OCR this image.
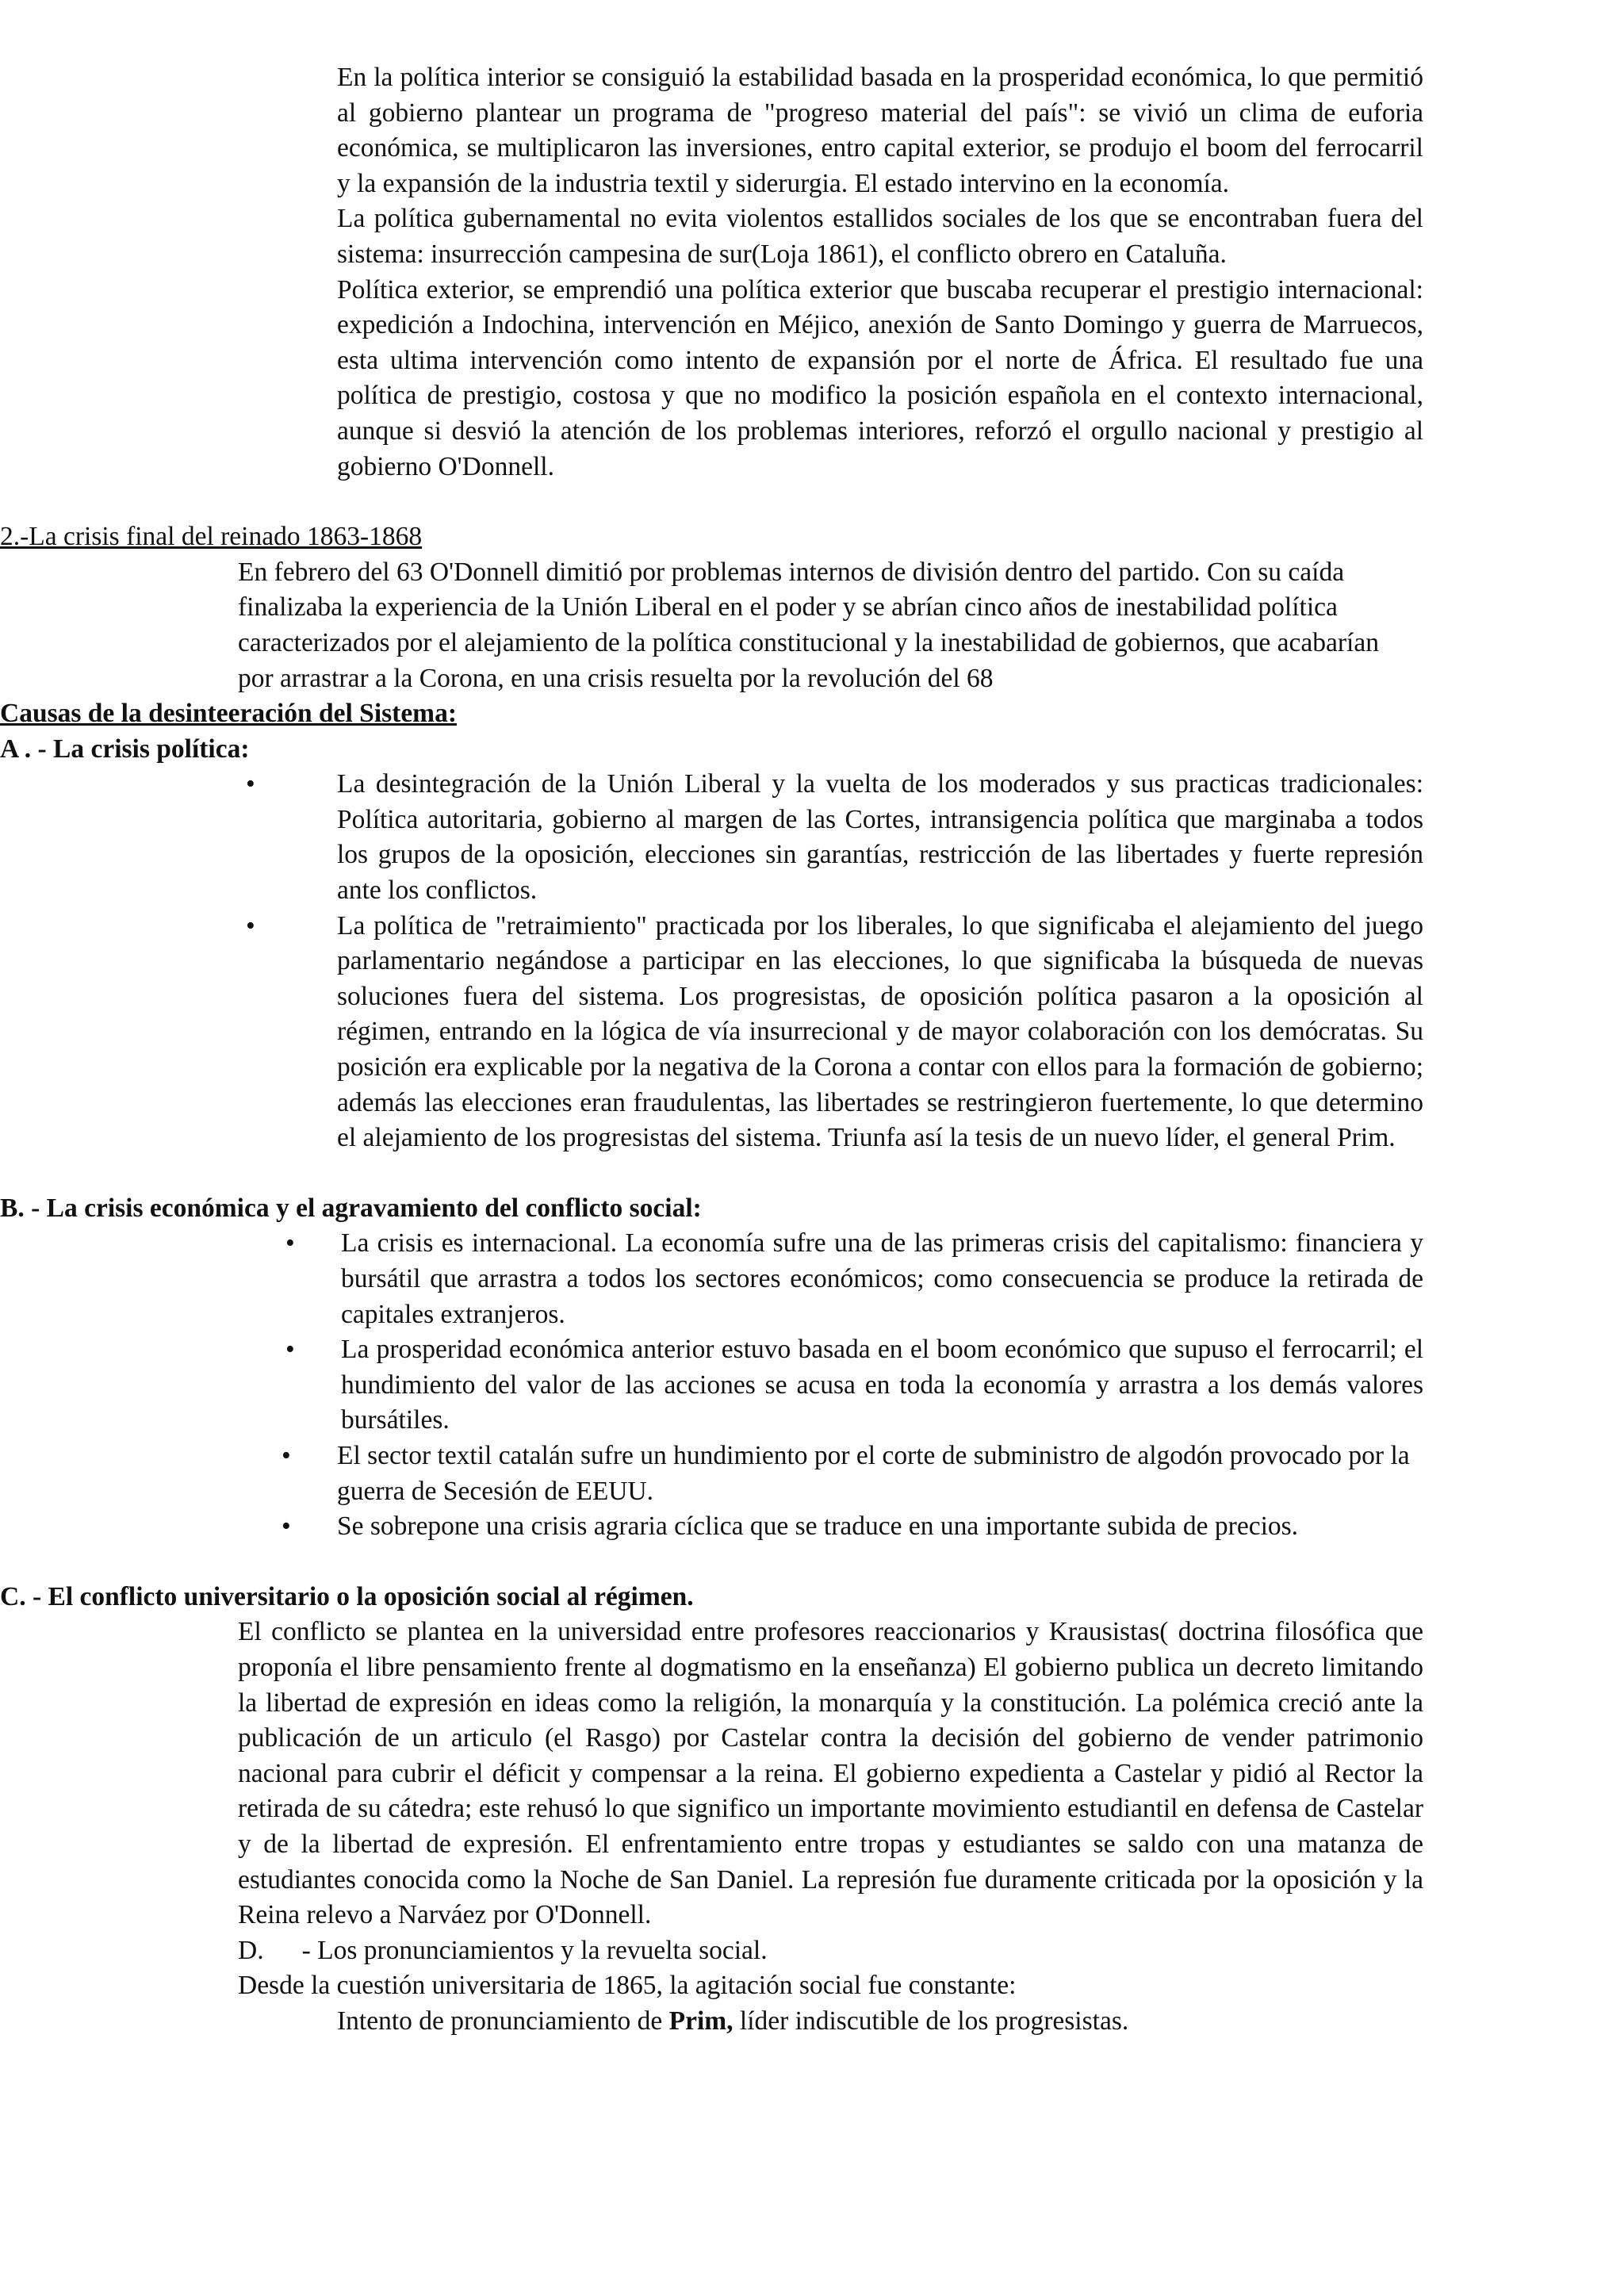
En la política interior se consiguió la estabilidad basada en la prosperidad económica, lo que permitió al gobierno plantear un programa de "progreso material del país": se vivió un clima de euforia económica, se multiplicaron las inversiones, entro capital exterior, se produjo el boom del ferrocarril y la expansión de la industria textil y siderurgia. El estado intervino en la economía.

La política gubernamental no evita violentos estallidos sociales de los que se encontraban fuera del sistema: insurrección campesina de sur(Loja 1861), el conflicto obrero en Cataluña.

Política exterior, se emprendió una política exterior que buscaba recuperar el prestigio internacional: expedición a Indochina, intervención en Méjico, anexión de Santo Domingo y guerra de Marruecos, esta ultima intervención como intento de expansión por el norte de África. El resultado fue una política de prestigio, costosa y que no modifico la posición española en el contexto internacional, aunque si desvió la atención de los problemas interiores, reforzó el orgullo nacional y prestigio al gobierno O'Donnell.

2.-La crisis final del reinado 1863-1868

En febrero del 63 O'Donnell dimitió por problemas internos de división dentro del partido. Con su caída finalizaba la experiencia de la Unión Liberal en el poder y se abrían cinco años de inestabilidad política caracterizados por el alejamiento de la política constitucional y la inestabilidad de gobiernos, que acabarían por arrastrar a la Corona, en una crisis resuelta por la revolución del 68

Causas de la desinteeración del Sistema:

A . - La crisis política:

•	La desintegración de la Unión Liberal y la vuelta de los moderados y sus practicas tradicionales: Política autoritaria, gobierno al margen de las Cortes, intransigencia política que marginaba a todos los grupos de la oposición, elecciones sin garantías, restricción de las libertades y fuerte represión ante los conflictos.
•	La política de "retraimiento" practicada por los liberales, lo que significaba el alejamiento del juego parlamentario negándose a participar en las elecciones, lo que significaba la búsqueda de nuevas soluciones fuera del sistema. Los progresistas, de oposición política pasaron a la oposición al régimen, entrando en la lógica de vía insurrecional y de mayor colaboración con los demócratas. Su posición era explicable por la negativa de la Corona a contar con ellos para la formación de gobierno; además las elecciones eran fraudulentas, las libertades se restringieron fuertemente, lo que determino el alejamiento de los progresistas del sistema. Triunfa así la tesis de un nuevo líder, el general Prim.

B. - La crisis económica y el agravamiento del conflicto social:

• La crisis es internacional. La economía sufre una de las primeras crisis del capitalismo: financiera y bursátil que arrastra a todos los sectores económicos; como consecuencia se produce la retirada de capitales extranjeros.
• La prosperidad económica anterior estuvo basada en el boom económico que supuso el ferrocarril; el hundimiento del valor de las acciones se acusa en toda la economía y arrastra a los demás valores bursátiles.
• El sector textil catalán sufre un hundimiento por el corte de subministro de algodón provocado por la guerra de Secesión de EEUU.
• Se sobrepone una crisis agraria cíclica que se traduce en una importante subida de precios.

C. - El conflicto universitario o la oposición social al régimen.

El conflicto se plantea en la universidad entre profesores reaccionarios y Krausistas( doctrina filosófica que proponía el libre pensamiento frente al dogmatismo en la enseñanza) El gobierno publica un decreto limitando la libertad de expresión en ideas como la religión, la monarquía y la constitución. La polémica creció ante la publicación de un articulo (el Rasgo) por Castelar contra la decisión del gobierno de vender patrimonio nacional para cubrir el déficit y compensar a la reina. El gobierno expedienta a Castelar y pidió al Rector la retirada de su cátedra; este rehusó lo que significo un importante movimiento estudiantil en defensa de Castelar y de la libertad de expresión. El enfrentamiento entre tropas y estudiantes se saldo con una matanza de estudiantes conocida como la Noche de San Daniel. La represión fue duramente criticada por la oposición y la Reina relevo a Narváez por O'Donnell.

D. - Los pronunciamientos y la revuelta social.

Desde la cuestión universitaria de 1865, la agitación social fue constante:

Intento de pronunciamiento de Prim, líder indiscutible de los progresistas.
